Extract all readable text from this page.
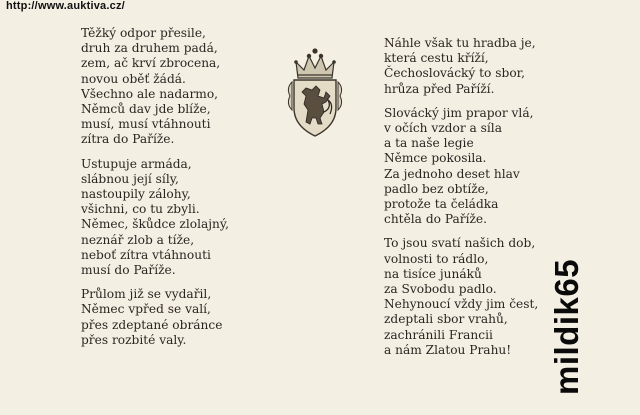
http://www.auktiva.cz/
Těžký odpor přesile,
druh za druhem padá,
zem, ač krví zbrocena,
novou oběť žádá.
Všechno ale nadarmo,
Němců dav jde blíže,
musí, musí vtáhnouti
zítra do Paříže.
Ustupuje armáda,
slábnou její síly,
nastoupily zálohy,
všichni, co tu zbyli.
Němec, škůdce zlolajný,
neznář zlob a tíže,
neboť zítra vtáhnouti
musí do Paříže.
Průlom již se vydařil,
Němec vpřed se valí,
přes zdeptané obránce
přes rozbité valy.
Náhle však tu hradba je,
která cestu kříží,
Čechoslovácký to sbor,
hrůza před Paříží.
Slovácký jim prapor vlá,
v očích vzdor a síla
a ta naše legie
Němce pokosila.
Za jednoho deset hlav
padlo bez obtíže,
protože ta čeládka
chtěla do Paříže.
To jsou svatí našich dob,
volnosti to rádlo,
na tisíce junáků
za Svobodu padlo.
Nehynoucí vždy jim čest,
zdeptali sbor vrahů,
zachránili Francii
a nám Zlatou Prahu!	mildik65
